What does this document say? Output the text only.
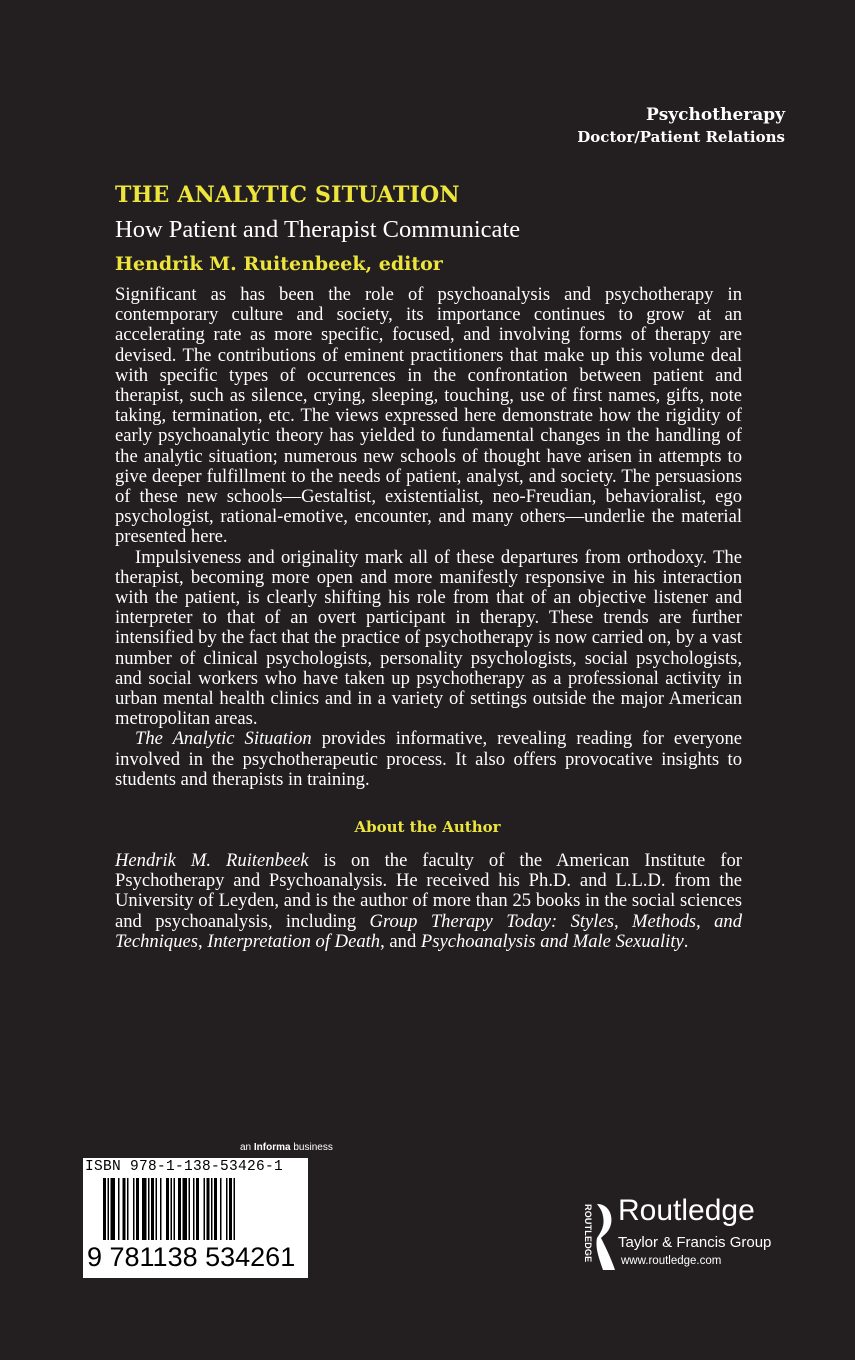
Psychotherapy
Doctor/Patient Relations
THE ANALYTIC SITUATION
How Patient and Therapist Communicate
Hendrik M. Ruitenbeek, editor

Significant as has been the role of psychoanalysis and psychotherapy in contemporary culture and society, its importance continues to grow at an accelerating rate as more specific, focused, and involving forms of therapy are devised. The contributions of eminent practitioners that make up this volume deal with specific types of occurrences in the confrontation between patient and therapist, such as silence, crying, sleeping, touching, use of first names, gifts, note taking, termination, etc. The views expressed here demonstrate how the rigidity of early psychoanalytic theory has yielded to fundamental changes in the handling of the analytic situation; numerous new schools of thought have arisen in attempts to give deeper fulfillment to the needs of patient, analyst, and society. The persuasions of these new schools—Gestaltist, existentialist, neo-Freudian, behavioralist, ego psychologist, rational-emotive, encounter, and many others—underlie the material presented here.

Impulsiveness and originality mark all of these departures from orthodoxy. The therapist, becoming more open and more manifestly responsive in his interaction with the patient, is clearly shifting his role from that of an objective listener and interpreter to that of an overt participant in therapy. These trends are further intensified by the fact that the practice of psychotherapy is now carried on, by a vast number of clinical psychologists, personality psychologists, social psychologists, and social workers who have taken up psychotherapy as a professional activity in urban mental health clinics and in a variety of settings outside the major American metropolitan areas.

The Analytic Situation provides informative, revealing reading for everyone involved in the psychotherapeutic process. It also offers provocative insights to students and therapists in training.

About the Author
Hendrik M. Ruitenbeek is on the faculty of the American Institute for Psychotherapy and Psychoanalysis. He received his Ph.D. and L.L.D. from the University of Leyden, and is the author of more than 25 books in the social sciences and psychoanalysis, including Group Therapy Today: Styles, Methods, and Techniques, Interpretation of Death, and Psychoanalysis and Male Sexuality.
an Informa business
ISBN 978-1-138-53426-1
9 781138 534261	ROUTLEDGE Routledge
Taylor & Francis Group
www.routledge.com
